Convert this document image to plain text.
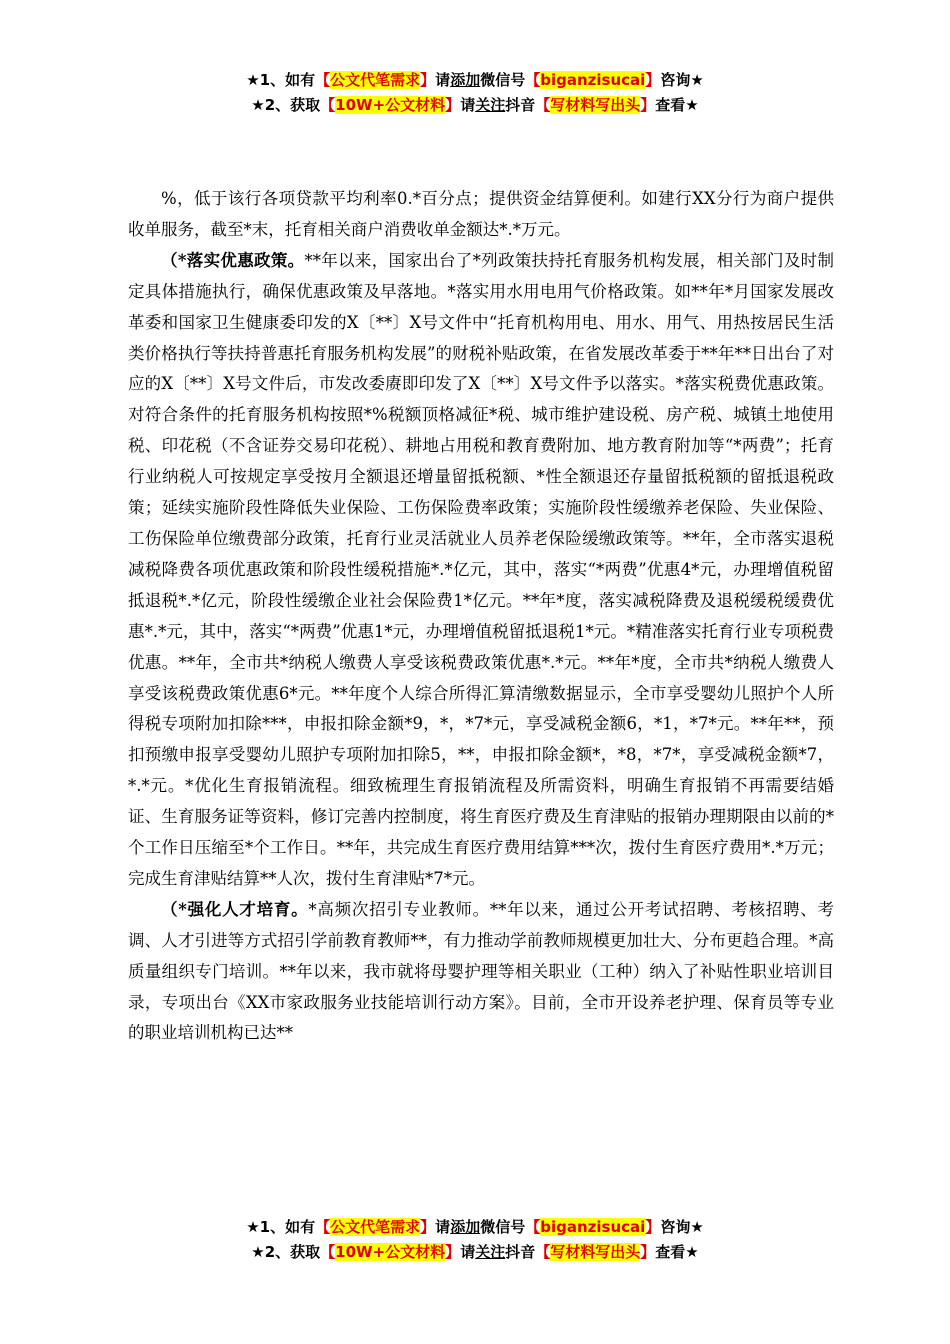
★1、如有【公文代笔需求】请添加微信号【biganzisucai】咨询★
★2、获取【10W+公文材料】请关注抖音【写材料写出头】查看★

%，低于该行各项贷款平均利率0.*百分点；提供资金结算便利。如建行XX分行为商户提供收单服务，截至*末，托育相关商户消费收单金额达*.*万元。

（*落实优惠政策。**年以来，国家出台了*列政策扶持托育服务机构发展，相关部门及时制定具体措施执行，确保优惠政策及早落地。*落实用水用电用气价格政策。如**年*月国家发展改革委和国家卫生健康委印发的X〔**〕X号文件中“托育机构用电、用水、用气、用热按居民生活类价格执行等扶持普惠托育服务机构发展”的财税补贴政策，在省发展改革委于**年**日出台了对应的X〔**〕X号文件后，市发改委赓即印发了X〔**〕X号文件予以落实。*落实税费优惠政策。对符合条件的托育服务机构按照*%税额顶格减征*税、城市维护建设税、房产税、城镇土地使用税、印花税（不含证券交易印花税）、耕地占用税和教育费附加、地方教育附加等“*两费”；托育行业纳税人可按规定享受按月全额退还增量留抵税额、*性全额退还存量留抵税额的留抵退税政策；延续实施阶段性降低失业保险、工伤保险费率政策；实施阶段性缓缴养老保险、失业保险、工伤保险单位缴费部分政策，托育行业灵活就业人员养老保险缓缴政策等。**年，全市落实退税减税降费各项优惠政策和阶段性缓税措施*.*亿元，其中，落实“*两费”优惠4*元，办理增值税留抵退税*.*亿元，阶段性缓缴企业社会保险费1*亿元。**年*度，落实减税降费及退税缓税缓费优惠*.*元，其中，落实“*两费”优惠1*元，办理增值税留抵退税1*元。*精准落实托育行业专项税费优惠。**年，全市共*纳税人缴费人享受该税费政策优惠*.*元。**年*度，全市共*纳税人缴费人享受该税费政策优惠6*元。**年度个人综合所得汇算清缴数据显示，全市享受婴幼儿照护个人所得税专项附加扣除***，申报扣除金额*9，*，*7*元，享受减税金额6，*1，*7*元。**年**，预扣预缴申报享受婴幼儿照护专项附加扣除5，**，申报扣除金额*，*8，*7*，享受减税金额*7，*.*元。*优化生育报销流程。细致梳理生育报销流程及所需资料，明确生育报销不再需要结婚证、生育服务证等资料，修订完善内控制度，将生育医疗费及生育津贴的报销办理期限由以前的*个工作日压缩至*个工作日。**年，共完成生育医疗费用结算***次，拨付生育医疗费用*.*万元；完成生育津贴结算**人次，拨付生育津贴*7*元。

（*强化人才培育。*高频次招引专业教师。**年以来，通过公开考试招聘、考核招聘、考调、人才引进等方式招引学前教育教师**，有力推动学前教师规模更加壮大、分布更趋合理。*高质量组织专门培训。**年以来，我市就将母婴护理等相关职业（工种）纳入了补贴性职业培训目录，专项出台《XX市家政服务业技能培训行动方案》。目前，全市开设养老护理、保育员等专业的职业培训机构已达**

★1、如有【公文代笔需求】请添加微信号【biganzisucai】咨询★
★2、获取【10W+公文材料】请关注抖音【写材料写出头】查看★
